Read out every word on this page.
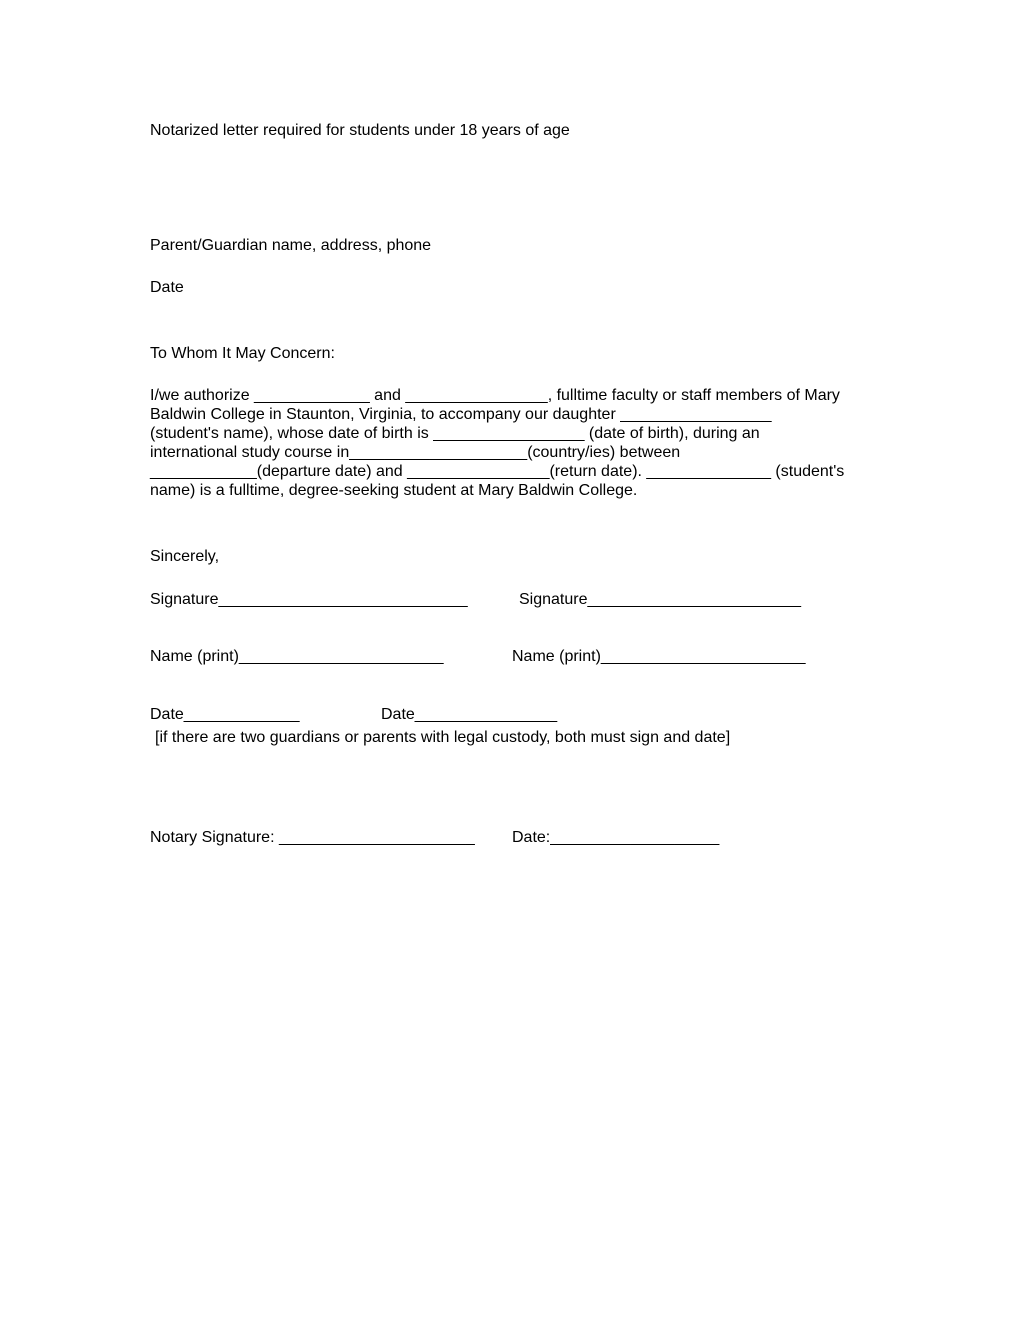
Notarized letter required for students under 18 years of age
Parent/Guardian name, address, phone
Date
To Whom It May Concern:
I/we authorize _____________ and ________________, fulltime faculty or staff members of Mary
Baldwin College in Staunton, Virginia, to accompany our daughter _________________
(student's name), whose date of birth is _________________ (date of birth), during an
international study course in____________________(country/ies) between
____________(departure date) and ________________(return date). ______________ (student's
name) is a fulltime, degree-seeking student at Mary Baldwin College.
Sincerely,
Signature____________________________	Signature________________________
Name (print)_______________________	Name (print)_______________________
Date_____________	Date________________
[if there are two guardians or parents with legal custody, both must sign and date]
Notary Signature: ______________________ Date:___________________
